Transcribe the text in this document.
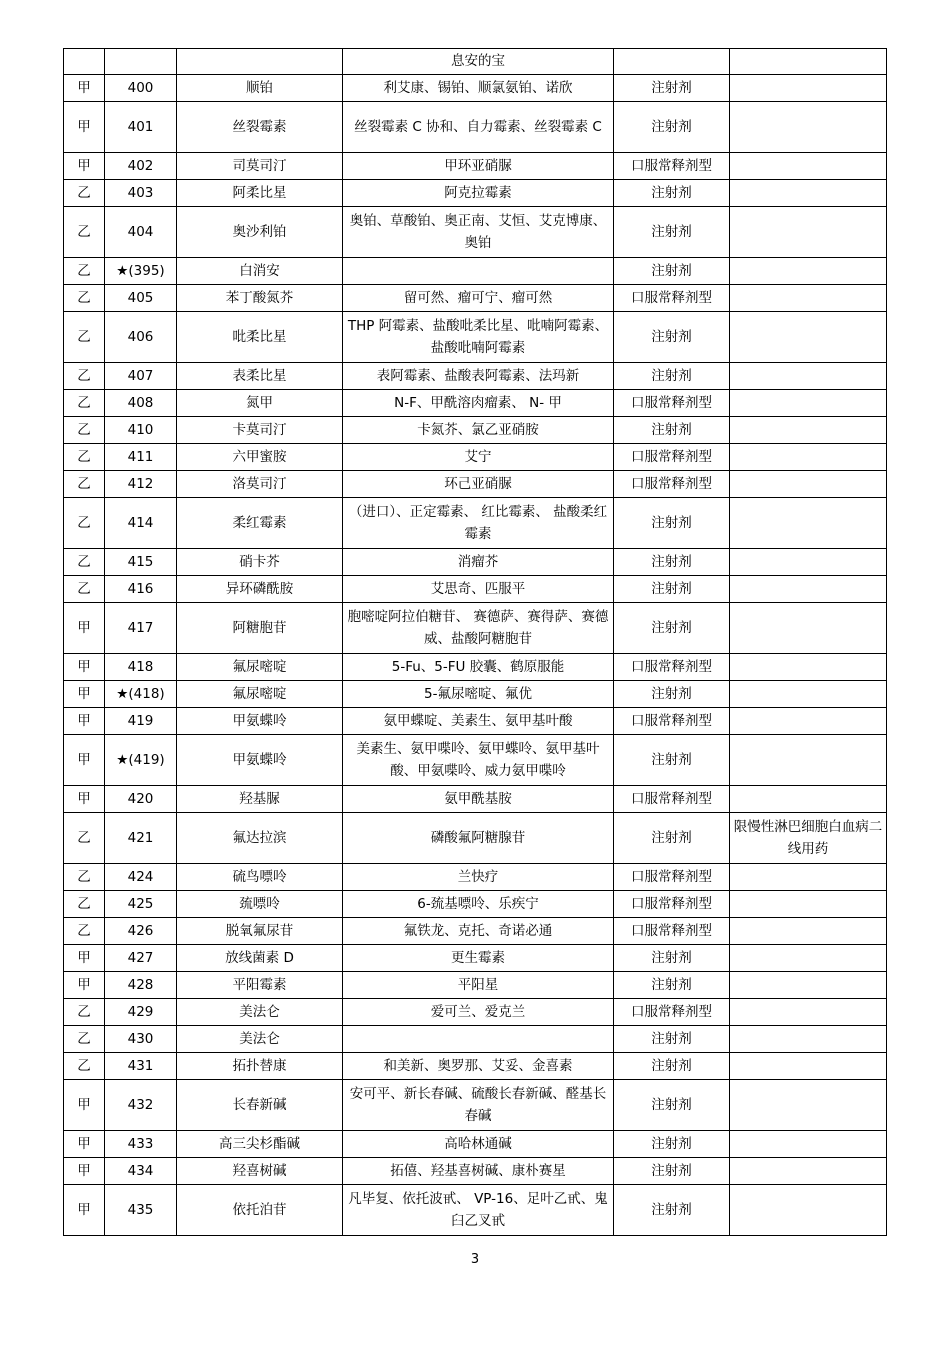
			息安的宝		
甲	400	顺铂	利艾康、锡铂、顺氯氨铂、诺欣	注射剂	
甲	401	丝裂霉素	丝裂霉素 C 协和、自力霉素、丝裂霉素 C	注射剂	
甲	402	司莫司汀	甲环亚硝脲	口服常释剂型	
乙	403	阿柔比星	阿克拉霉素	注射剂	
乙	404	奥沙利铂	奥铂、草酸铂、奥正南、艾恒、艾克博康、奥铂	注射剂	
乙	★(395)	白消安		注射剂	
乙	405	苯丁酸氮芥	留可然、瘤可宁、瘤可然	口服常释剂型	
乙	406	吡柔比星	THP 阿霉素、盐酸吡柔比星、吡喃阿霉素、盐酸吡喃阿霉素	注射剂	
乙	407	表柔比星	表阿霉素、盐酸表阿霉素、法玛新	注射剂	
乙	408	氮甲	N-F、甲酰溶肉瘤素、 N- 甲	口服常释剂型	
乙	410	卡莫司汀	卡氮芥、氯乙亚硝胺	注射剂	
乙	411	六甲蜜胺	艾宁	口服常释剂型	
乙	412	洛莫司汀	环己亚硝脲	口服常释剂型	
乙	414	柔红霉素	（进口）、正定霉素、 红比霉素、 盐酸柔红霉素	注射剂	
乙	415	硝卡芥	消瘤芥	注射剂	
乙	416	异环磷酰胺	艾思奇、匹服平	注射剂	
甲	417	阿糖胞苷	胞嘧啶阿拉伯糖苷、 赛德萨、赛得萨、赛德威、盐酸阿糖胞苷	注射剂	
甲	418	氟尿嘧啶	5-Fu、5-FU 胶囊、鹤原服能	口服常释剂型	
甲	★(418)	氟尿嘧啶	5-氟尿嘧啶、氟优	注射剂	
甲	419	甲氨蝶呤	氨甲蝶啶、美素生、氨甲基叶酸	口服常释剂型	
甲	★(419)	甲氨蝶呤	美素生、氨甲喋呤、氨甲蝶呤、氨甲基叶酸、甲氨喋呤、威力氨甲喋呤	注射剂	
甲	420	羟基脲	氨甲酰基胺	口服常释剂型	
乙	421	氟达拉滨	磷酸氟阿糖腺苷	注射剂	限慢性淋巴细胞白血病二线用药
乙	424	硫鸟嘌呤	兰快疗	口服常释剂型	
乙	425	巯嘌呤	6-巯基嘌呤、乐疾宁	口服常释剂型	
乙	426	脱氧氟尿苷	氟铁龙、克托、奇诺必通	口服常释剂型	
甲	427	放线菌素 D	更生霉素	注射剂	
甲	428	平阳霉素	平阳星	注射剂	
乙	429	美法仑	爱可兰、爱克兰	口服常释剂型	
乙	430	美法仑		注射剂	
乙	431	拓扑替康	和美新、奥罗那、艾妥、金喜素	注射剂	
甲	432	长春新碱	安可平、新长春碱、硫酸长春新碱、醛基长春碱	注射剂	
甲	433	高三尖杉酯碱	高哈林通碱	注射剂	
甲	434	羟喜树碱	拓僖、羟基喜树碱、康朴赛星	注射剂	
甲	435	依托泊苷	凡毕复、依托波甙、 VP-16、足叶乙甙、鬼臼乙叉甙	注射剂	
3
